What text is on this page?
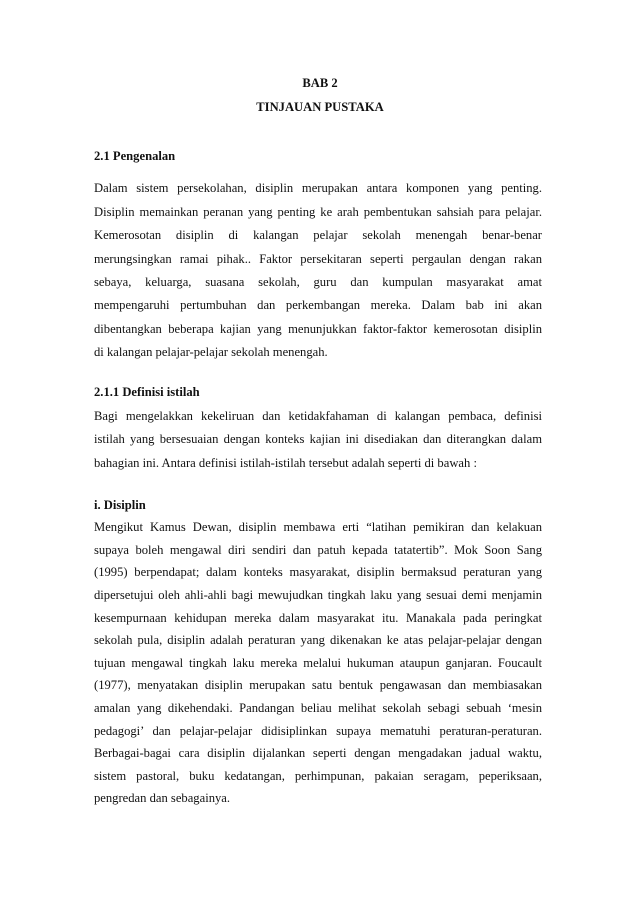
BAB 2
TINJAUAN PUSTAKA
2.1 Pengenalan
Dalam sistem persekolahan, disiplin merupakan antara komponen yang penting.
Disiplin memainkan peranan yang penting ke arah pembentukan sahsiah para pelajar.
Kemerosotan disiplin di kalangan pelajar sekolah menengah benar-benar
merungsingkan ramai pihak.. Faktor persekitaran seperti pergaulan dengan rakan
sebaya, keluarga, suasana sekolah, guru dan kumpulan masyarakat amat
mempengaruhi pertumbuhan dan perkembangan mereka. Dalam bab ini akan
dibentangkan beberapa kajian yang menunjukkan faktor-faktor kemerosotan disiplin
di kalangan pelajar-pelajar sekolah menengah.
2.1.1 Definisi istilah
Bagi mengelakkan kekeliruan dan ketidakfahaman di kalangan pembaca, definisi
istilah yang bersesuaian dengan konteks kajian ini disediakan dan diterangkan dalam
bahagian ini. Antara definisi istilah-istilah tersebut adalah seperti di bawah :
i. Disiplin
Mengikut Kamus Dewan, disiplin membawa erti “latihan pemikiran dan kelakuan
supaya boleh mengawal diri sendiri dan patuh kepada tatatertib”. Mok Soon Sang
(1995) berpendapat; dalam konteks masyarakat, disiplin bermaksud peraturan yang
dipersetujui oleh ahli-ahli bagi mewujudkan tingkah laku yang sesuai demi menjamin
kesempurnaan kehidupan mereka dalam masyarakat itu. Manakala pada peringkat
sekolah pula, disiplin adalah peraturan yang dikenakan ke atas pelajar-pelajar dengan
tujuan mengawal tingkah laku mereka melalui hukuman ataupun ganjaran. Foucault
(1977), menyatakan disiplin merupakan satu bentuk pengawasan dan membiasakan
amalan yang dikehendaki. Pandangan beliau melihat sekolah sebagi sebuah ‘mesin
pedagogi’ dan pelajar-pelajar didisiplinkan supaya mematuhi peraturan-peraturan.
Berbagai-bagai cara disiplin dijalankan seperti dengan mengadakan jadual waktu,
sistem pastoral, buku kedatangan, perhimpunan, pakaian seragam, peperiksaan,
pengredan dan sebagainya.
